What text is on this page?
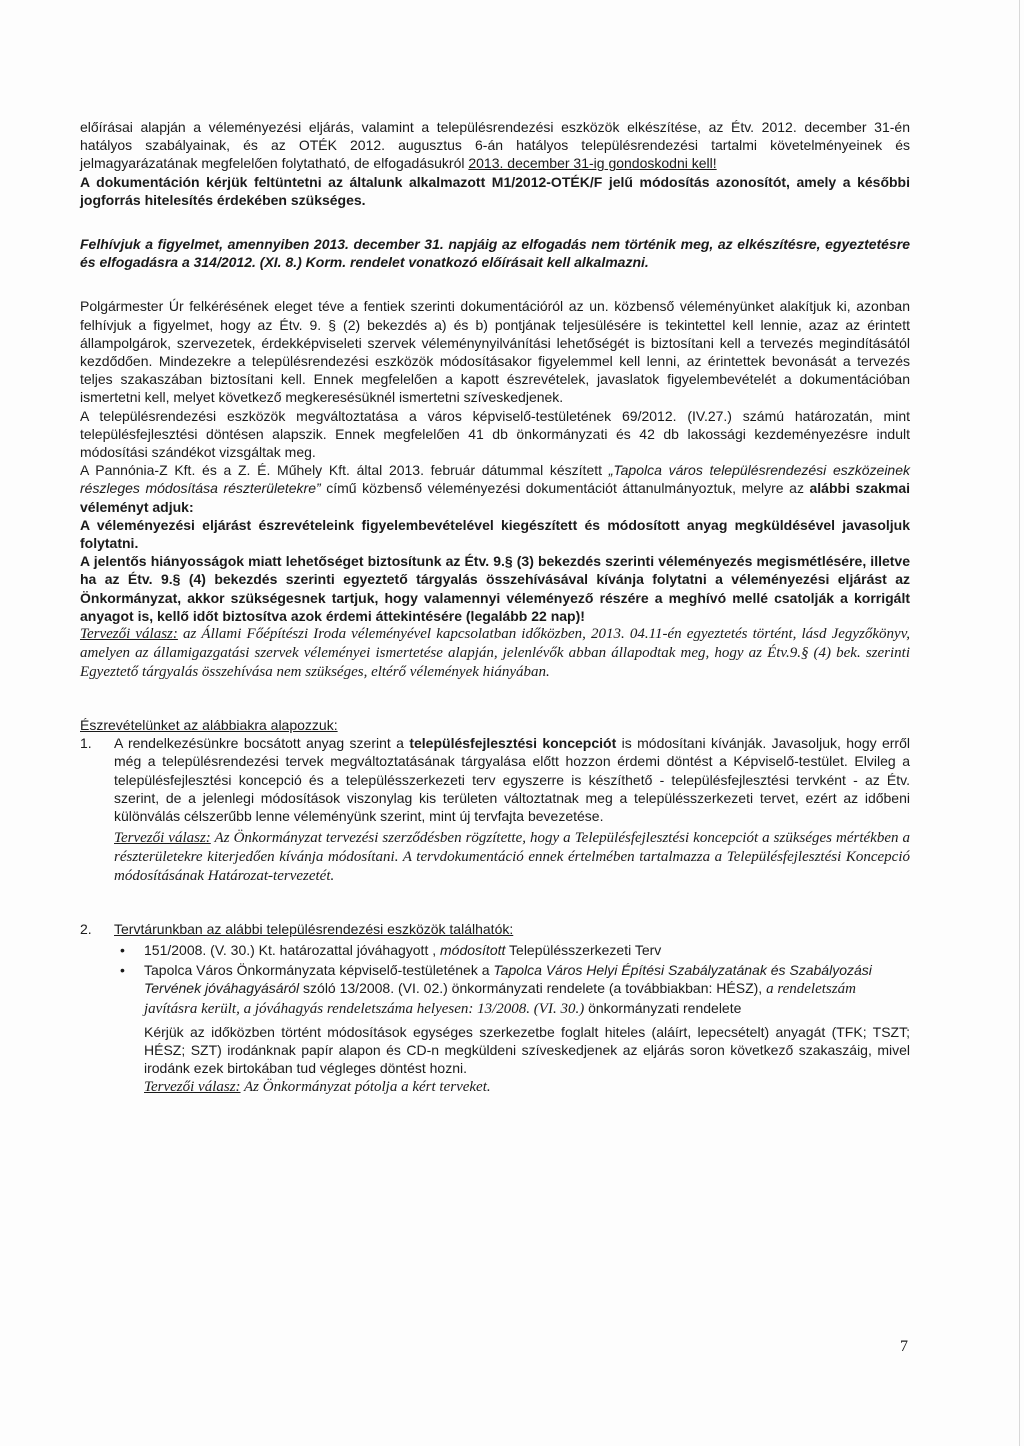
előírásai alapján a véleményezési eljárás, valamint a településrendezési eszközök elkészítése, az Étv. 2012. december 31-én hatályos szabályainak, és az OTÉK 2012. augusztus 6-án hatályos településrendezési tartalmi követelményeinek és jelmagyarázatának megfelelően folytatható, de elfogadásukról 2013. december 31-ig gondoskodni kell!

A dokumentáción kérjük feltüntetni az általunk alkalmazott M1/2012-OTÉK/F jelű módosítás azonosítót, amely a későbbi jogforrás hitelesítés érdekében szükséges.

Felhívjuk a figyelmet, amennyiben 2013. december 31. napjáig az elfogadás nem történik meg, az elkészítésre, egyeztetésre és elfogadásra a 314/2012. (XI. 8.) Korm. rendelet vonatkozó előírásait kell alkalmazni.

Polgármester Úr felkérésének eleget téve a fentiek szerinti dokumentációról az un. közbenső véleményünket alakítjuk ki, azonban felhívjuk a figyelmet, hogy az Étv. 9. § (2) bekezdés a) és b) pontjának teljesülésére is tekintettel kell lennie, azaz az érintett állampolgárok, szervezetek, érdekképviseleti szervek véleménynyilvánítási lehetőségét is biztosítani kell a tervezés megindításától kezdődően. Mindezekre a településrendezési eszközök módosításakor figyelemmel kell lenni, az érintettek bevonását a tervezés teljes szakaszában biztosítani kell. Ennek megfelelően a kapott észrevételek, javaslatok figyelembevételét a dokumentációban ismertetni kell, melyet következő megkeresésüknél ismertetni szíveskedjenek.

A településrendezési eszközök megváltoztatása a város képviselő-testületének 69/2012. (IV.27.) számú határozatán, mint településfejlesztési döntésen alapszik. Ennek megfelelően 41 db önkormányzati és 42 db lakossági kezdeményezésre indult módosítási szándékot vizsgáltak meg.

A Pannónia-Z Kft. és a Z. É. Műhely Kft. által 2013. február dátummal készített „Tapolca város településrendezési eszközeinek részleges módosítása részterületekre” című közbenső véleményezési dokumentációt áttanulmányoztuk, melyre az alábbi szakmai véleményt adjuk:

A véleményezési eljárást észrevételeink figyelembevételével kiegészített és módosított anyag megküldésével javasoljuk folytatni.

A jelentős hiányosságok miatt lehetőséget biztosítunk az Étv. 9.§ (3) bekezdés szerinti véleményezés megismétlésére, illetve ha az Étv. 9.§ (4) bekezdés szerinti egyeztető tárgyalás összehívásával kívánja folytatni a véleményezési eljárást az Önkormányzat, akkor szükségesnek tartjuk, hogy valamennyi véleményező részére a meghívó mellé csatolják a korrigált anyagot is, kellő időt biztosítva azok érdemi áttekintésére (legalább 22 nap)!

Tervezői válasz: az Állami Főépítészi Iroda véleményével kapcsolatban időközben, 2013. 04.11-én egyeztetés történt, lásd Jegyzőkönyv, amelyen az államigazgatási szervek véleményei ismertetése alapján, jelenlévők abban állapodtak meg, hogy az Étv.9.§ (4) bek. szerinti Egyeztető tárgyalás összehívása nem szükséges, eltérő vélemények hiányában.

Észrevételünket az alábbiakra alapozzuk:

1.	A rendelkezésünkre bocsátott anyag szerint a településfejlesztési koncepciót is módosítani kívánják. Javasoljuk, hogy erről még a településrendezési tervek megváltoztatásának tárgyalása előtt hozzon érdemi döntést a Képviselő-testület. Elvileg a településfejlesztési koncepció és a településszerkezeti terv egyszerre is készíthető - településfejlesztési tervként - az Étv. szerint, de a jelenlegi módosítások viszonylag kis területen változtatnak meg a településszerkezeti tervet, ezért az időbeni különválás célszerűbb lenne véleményünk szerint, mint új tervfajta bevezetése.

Tervezői válasz: Az Önkormányzat tervezési szerződésben rögzítette, hogy a Településfejlesztési koncepciót a szükséges mértékben a részterületekre kiterjedően kívánja módosítani. A tervdokumentáció ennek értelmében tartalmazza a Településfejlesztési Koncepció módosításának Határozat-tervezetét.

2.	Tervtárunkban az alábbi településrendezési eszközök találhatók:

• 151/2008. (V. 30.) Kt. határozattal jóváhagyott , módosított Településszerkezeti Terv
• Tapolca Város Önkormányzata képviselő-testületének a Tapolca Város Helyi Építési Szabályzatának és Szabályozási Tervének jóváhagyásáról szóló 13/2008. (VI. 02.) önkormányzati rendelete (a továbbiakban: HÉSZ), a rendeletszám javításra került, a jóváhagyás rendeletszáma helyesen: 13/2008. (VI. 30.) önkormányzati rendelete

Kérjük az időközben történt módosítások egységes szerkezetbe foglalt hiteles (aláírt, lepecsételt) anyagát (TFK; TSZT; HÉSZ; SZT) irodánknak papír alapon és CD-n megküldeni szíveskedjenek az eljárás soron következő szakaszáig, mivel irodánk ezek birtokában tud végleges döntést hozni.

Tervezői válasz: Az Önkormányzat pótolja a kért terveket.

7
